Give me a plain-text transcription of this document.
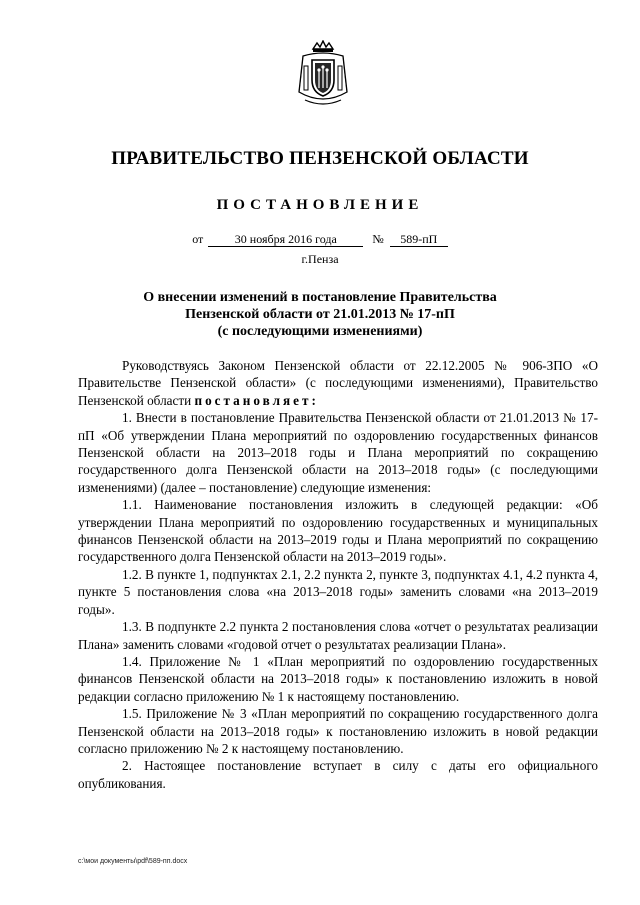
ПРАВИТЕЛЬСТВО ПЕНЗЕНСКОЙ ОБЛАСТИ
ПОСТАНОВЛЕНИЕ
от	30 ноября 2016 года	№	589-пП
г.Пенза
О внесении изменений в постановление Правительства
Пензенской области от 21.01.2013 № 17-пП
(с последующими изменениями)

Руководствуясь Законом Пензенской области от 22.12.2005 № 906-ЗПО «О Правительстве Пензенской области» (с последующими изменениями), Правительство Пензенской области постановляет:

1. Внести в постановление Правительства Пензенской области от 21.01.2013 № 17-пП «Об утверждении Плана мероприятий по оздоровлению государственных финансов Пензенской области на 2013–2018 годы и Плана мероприятий по сокращению государственного долга Пензенской области на 2013–2018 годы» (с последующими изменениями) (далее – постановление) следующие изменения:

1.1. Наименование постановления изложить в следующей редакции: «Об утверждении Плана мероприятий по оздоровлению государственных и муниципальных финансов Пензенской области на 2013–2019 годы и Плана мероприятий по сокращению государственного долга Пензенской области на 2013–2019 годы».

1.2. В пункте 1, подпунктах 2.1, 2.2 пункта 2, пункте 3, подпунктах 4.1, 4.2 пункта 4, пункте 5 постановления слова «на 2013–2018 годы» заменить словами «на 2013–2019 годы».

1.3. В подпункте 2.2 пункта 2 постановления слова «отчет о результатах реализации Плана» заменить словами «годовой отчет о результатах реализации Плана».

1.4. Приложение № 1 «План мероприятий по оздоровлению государственных финансов Пензенской области на 2013–2018 годы» к постановлению изложить в новой редакции согласно приложению № 1 к настоящему постановлению.

1.5. Приложение № 3 «План мероприятий по сокращению государственного долга Пензенской области на 2013–2018 годы» к постановлению изложить в новой редакции согласно приложению № 2 к настоящему постановлению.

2. Настоящее постановление вступает в силу с даты его официального опубликования.

c:\мои документы\pdf\589-пп.docx
